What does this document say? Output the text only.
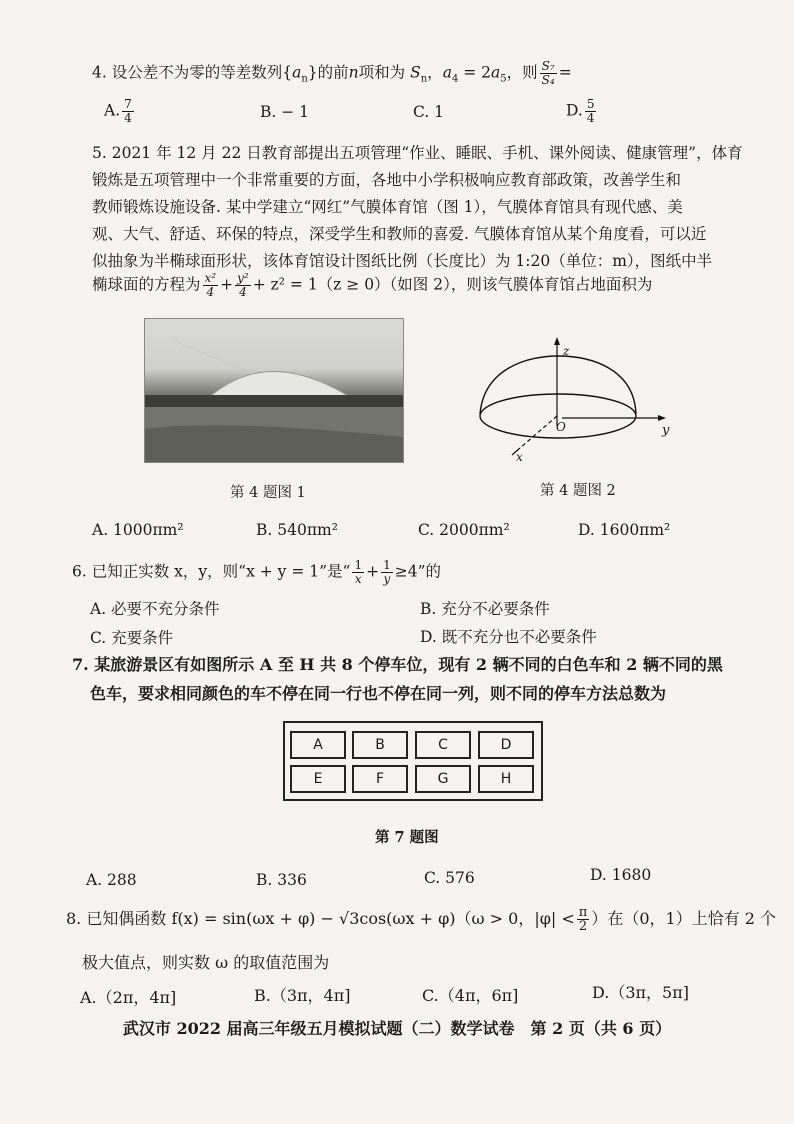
4. 设公差不为零的等差数列$\{a_n\}$的前n项和为 $S_n$，$a_4 = 2a_5$，则 $\frac{\text{S₇}}{\text{S₄}}$ =
A. $\frac{7}{4}$	B. − 1	C. 1	D. $\frac{5}{4}$
5. 2021 年 12 月 22 日教育部提出五项管理“作业、睡眠、手机、课外阅读、健康管理”，体育
锻炼是五项管理中一个非常重要的方面，各地中小学积极响应教育部政策，改善学生和
教师锻炼设施设备. 某中学建立“网红”气膜体育馆（图 1），气膜体育馆具有现代感、美
观、大气、舒适、环保的特点，深受学生和教师的喜爱. 气膜体育馆从某个角度看，可以近
似抽象为半椭球面形状，该体育馆设计图纸比例（长度比）为 1:20（单位：m），图纸中半
椭球面的方程为 $\frac{\text{x²}}{4} + \frac{\text{y²}}{4} + z^2 = 1(z \ge 0)$（如图 2），则该气膜体育馆占地面积为
第 4 题图 1
z
y
x
O
第 4 题图 2
A. 1000πm²	B. 540πm²	C. 2000πm²	D. 1600πm²
6. 已知正实数 x，y，则“x + y = 1”是“ $\frac{1}{x} + \frac{1}{y} \ge 4$”的
A. 必要不充分条件	B. 充分不必要条件
C. 充要条件	D. 既不充分也不必要条件
7. 某旅游景区有如图所示 A 至 H 共 8 个停车位，现有 2 辆不同的白色车和 2 辆不同的黑
色车，要求相同颜色的车不停在同一行也不停在同一列，则不同的停车方法总数为
A	B	C	D
E	F	G	H
第 7 题图
A. 288	B. 336	C. 576	D. 1680
8. 已知偶函数 f(x) = sin(ωx + φ) − √3cos(ωx + φ)（ω > 0，$|\varphi| < \frac{\pi}{2}$ ）在（0，1）上恰有 2 个
极大值点，则实数 ω 的取值范围为
A.（2π，4π]	B.（3π，4π]	C.（4π，6π]	D.（3π，5π]
武汉市 2022 届高三年级五月模拟试题（二）数学试卷　第 2 页（共 6 页）
